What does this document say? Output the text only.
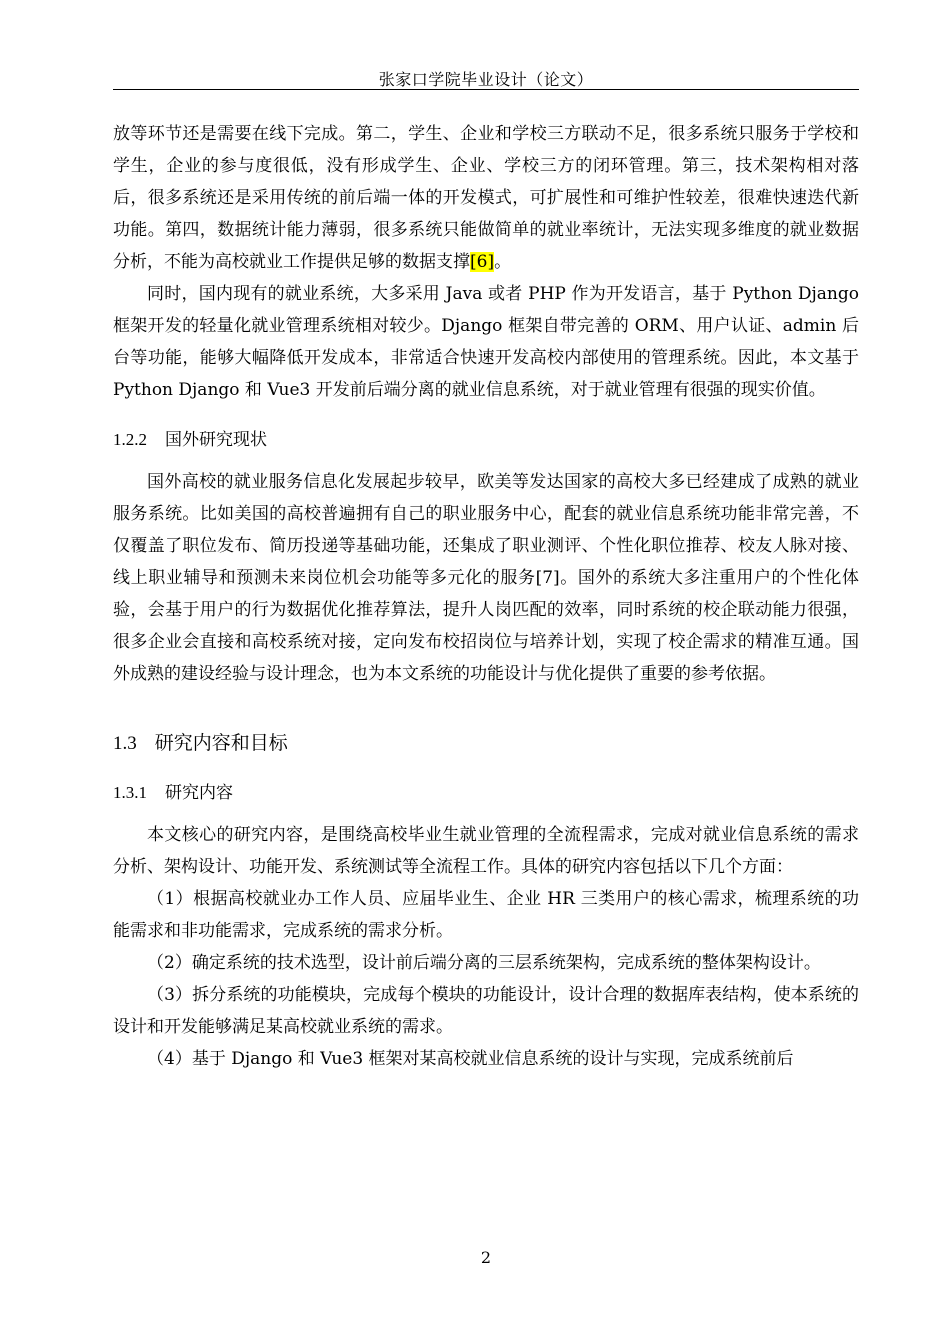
张家口学院毕业设计（论文）

放等环节还是需要在线下完成。第二，学生、企业和学校三方联动不足，很多系统只服务于学校和学生，企业的参与度很低，没有形成学生、企业、学校三方的闭环管理。第三，技术架构相对落后，很多系统还是采用传统的前后端一体的开发模式，可扩展性和可维护性较差，很难快速迭代新功能。第四，数据统计能力薄弱，很多系统只能做简单的就业率统计，无法实现多维度的就业数据分析，不能为高校就业工作提供足够的数据支撑[6]。

同时，国内现有的就业系统，大多采用 Java 或者 PHP 作为开发语言，基于 Python Django 框架开发的轻量化就业管理系统相对较少。Django 框架自带完善的 ORM、用户认证、admin 后台等功能，能够大幅降低开发成本，非常适合快速开发高校内部使用的管理系统。因此，本文基于 Python Django 和 Vue3 开发前后端分离的就业信息系统，对于就业管理有很强的现实价值。

1.2.2 国外研究现状

国外高校的就业服务信息化发展起步较早，欧美等发达国家的高校大多已经建成了成熟的就业服务系统。比如美国的高校普遍拥有自己的职业服务中心，配套的就业信息系统功能非常完善，不仅覆盖了职位发布、简历投递等基础功能，还集成了职业测评、个性化职位推荐、校友人脉对接、线上职业辅导和预测未来岗位机会功能等多元化的服务[7]。国外的系统大多注重用户的个性化体验，会基于用户的行为数据优化推荐算法，提升人岗匹配的效率，同时系统的校企联动能力很强，很多企业会直接和高校系统对接，定向发布校招岗位与培养计划，实现了校企需求的精准互通。国外成熟的建设经验与设计理念，也为本文系统的功能设计与优化提供了重要的参考依据。

1.3 研究内容和目标
1.3.1 研究内容

本文核心的研究内容，是围绕高校毕业生就业管理的全流程需求，完成对就业信息系统的需求分析、架构设计、功能开发、系统测试等全流程工作。具体的研究内容包括以下几个方面：

（1）根据高校就业办工作人员、应届毕业生、企业 HR 三类用户的核心需求，梳理系统的功能需求和非功能需求，完成系统的需求分析。

（2）确定系统的技术选型，设计前后端分离的三层系统架构，完成系统的整体架构设计。

（3）拆分系统的功能模块，完成每个模块的功能设计，设计合理的数据库表结构，使本系统的设计和开发能够满足某高校就业系统的需求。

（4）基于 Django 和 Vue3 框架对某高校就业信息系统的设计与实现，完成系统前后

2
